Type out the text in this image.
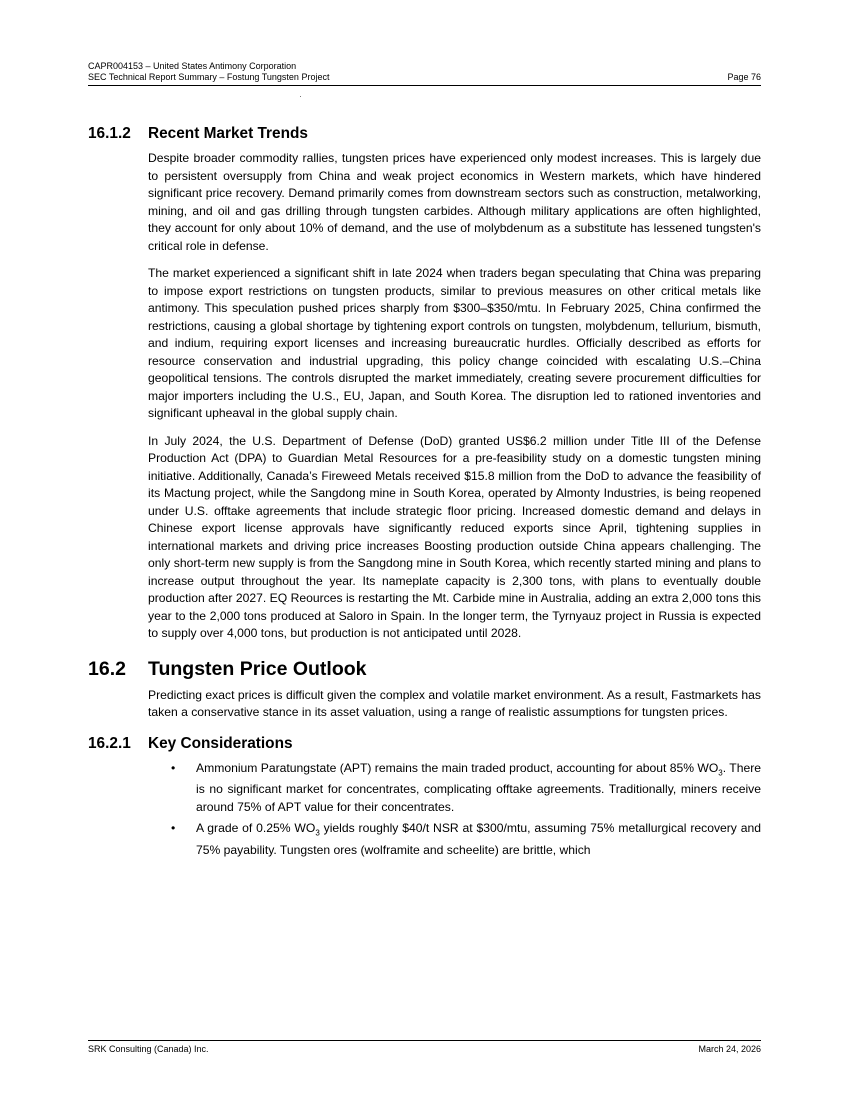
CAPR004153 – United States Antimony Corporation
SEC Technical Report Summary – Fostung Tungsten Project	Page 76
16.1.2	Recent Market Trends

Despite broader commodity rallies, tungsten prices have experienced only modest increases. This is largely due to persistent oversupply from China and weak project economics in Western markets, which have hindered significant price recovery. Demand primarily comes from downstream sectors such as construction, metalworking, mining, and oil and gas drilling through tungsten carbides. Although military applications are often highlighted, they account for only about 10% of demand, and the use of molybdenum as a substitute has lessened tungsten's critical role in defense.

The market experienced a significant shift in late 2024 when traders began speculating that China was preparing to impose export restrictions on tungsten products, similar to previous measures on other critical metals like antimony. This speculation pushed prices sharply from $300–$350/mtu. In February 2025, China confirmed the restrictions, causing a global shortage by tightening export controls on tungsten, molybdenum, tellurium, bismuth, and indium, requiring export licenses and increasing bureaucratic hurdles. Officially described as efforts for resource conservation and industrial upgrading, this policy change coincided with escalating U.S.–China geopolitical tensions. The controls disrupted the market immediately, creating severe procurement difficulties for major importers including the U.S., EU, Japan, and South Korea. The disruption led to rationed inventories and significant upheaval in the global supply chain.

In July 2024, the U.S. Department of Defense (DoD) granted US$6.2 million under Title III of the Defense Production Act (DPA) to Guardian Metal Resources for a pre-feasibility study on a domestic tungsten mining initiative. Additionally, Canada’s Fireweed Metals received $15.8 million from the DoD to advance the feasibility of its Mactung project, while the Sangdong mine in South Korea, operated by Almonty Industries, is being reopened under U.S. offtake agreements that include strategic floor pricing. Increased domestic demand and delays in Chinese export license approvals have significantly reduced exports since April, tightening supplies in international markets and driving price increases Boosting production outside China appears challenging. The only short-term new supply is from the Sangdong mine in South Korea, which recently started mining and plans to increase output throughout the year. Its nameplate capacity is 2,300 tons, with plans to eventually double production after 2027. EQ Reources is restarting the Mt. Carbide mine in Australia, adding an extra 2,000 tons this year to the 2,000 tons produced at Saloro in Spain. In the longer term, the Tyrnyauz project in Russia is expected to supply over 4,000 tons, but production is not anticipated until 2028.

16.2	Tungsten Price Outlook

Predicting exact prices is difficult given the complex and volatile market environment. As a result, Fastmarkets has taken a conservative stance in its asset valuation, using a range of realistic assumptions for tungsten prices.

16.2.1	Key Considerations
• Ammonium Paratungstate (APT) remains the main traded product, accounting for about 85% $WO_3$. There is no significant market for concentrates, complicating offtake agreements. Traditionally, miners receive around 75% of APT value for their concentrates.
• A grade of 0.25% $WO_3$ yields roughly $40/t NSR at $300/mtu, assuming 75% metallurgical recovery and 75% payability. Tungsten ores (wolframite and scheelite) are brittle, which
SRK Consulting (Canada) Inc.	March 24, 2026
